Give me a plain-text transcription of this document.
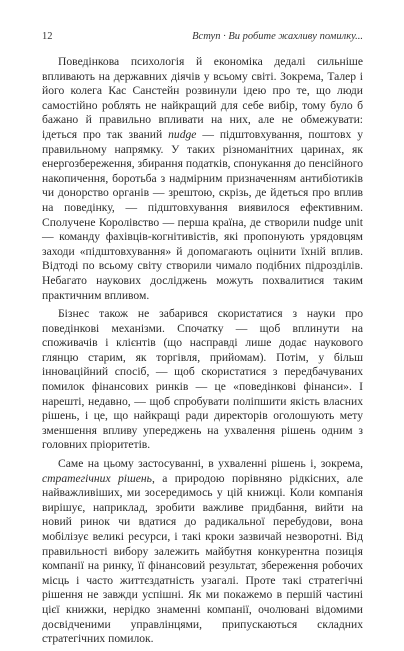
12	Вступ · Ви робите жахливу помилку...

Поведінкова психологія й економіка дедалі сильніше впливають на державних діячів у всьому світі. Зокрема, Талер і його колега Кас Санстейн розвинули ідею про те, що люди самостійно роблять не найкращий для себе вибір, тому було б бажано й правильно впливати на них, але не обмежувати: ідеться про так званий nudge — підштовхування, поштовх у правильному напрямку. У таких різноманітних царинах, як енергозбереження, збирання податків, спонукання до пенсійного накопичення, боротьба з надмірним призначенням антибіотиків чи донорство органів — зрештою, скрізь, де йдеться про вплив на поведінку, — підштовхування виявилося ефективним. Сполучене Королівство — перша країна, де створили nudge unit — команду фахівців-когнітивістів, які пропонують урядовцям заходи «підштовхування» й допомагають оцінити їхній вплив. Відтоді по всьому світу створили чимало подібних підрозділів. Небагато наукових досліджень можуть похвалитися таким практичним впливом.

Бізнес також не забарився скористатися з науки про поведінкові механізми. Спочатку — щоб вплинути на споживачів і клієнтів (що насправді лише додає наукового глянцю старим, як торгівля, прийомам). Потім, у більш інноваційний спосіб, — щоб скористатися з передбачуваних помилок фінансових ринків — це «поведінкові фінанси». І нарешті, недавно, — щоб спробувати поліпшити якість власних рішень, і це, що найкращі ради директорів оголошують мету зменшення впливу упереджень на ухвалення рішень одним з головних пріоритетів.

Саме на цьому застосуванні, в ухваленні рішень і, зокрема, стратегічних рішень, а природою порівняно рідкісних, але найважливіших, ми зосередимось у цій книжці. Коли компанія вирішує, наприклад, зробити важливе придбання, вийти на новий ринок чи вдатися до радикальної перебудови, вона мобілізує великі ресурси, і такі кроки зазвичай незворотні. Від правильності вибору залежить майбутня конкурентна позиція компанії на ринку, її фінансовий результат, збереження робочих місць і часто життєздатність узагалі. Проте такі стратегічні рішення не завжди успішні. Як ми покажемо в першій частині цієї книжки, нерідко знаменні компанії, очолювані відомими досвідченими управлінцями, припускаються складних стратегічних помилок.
